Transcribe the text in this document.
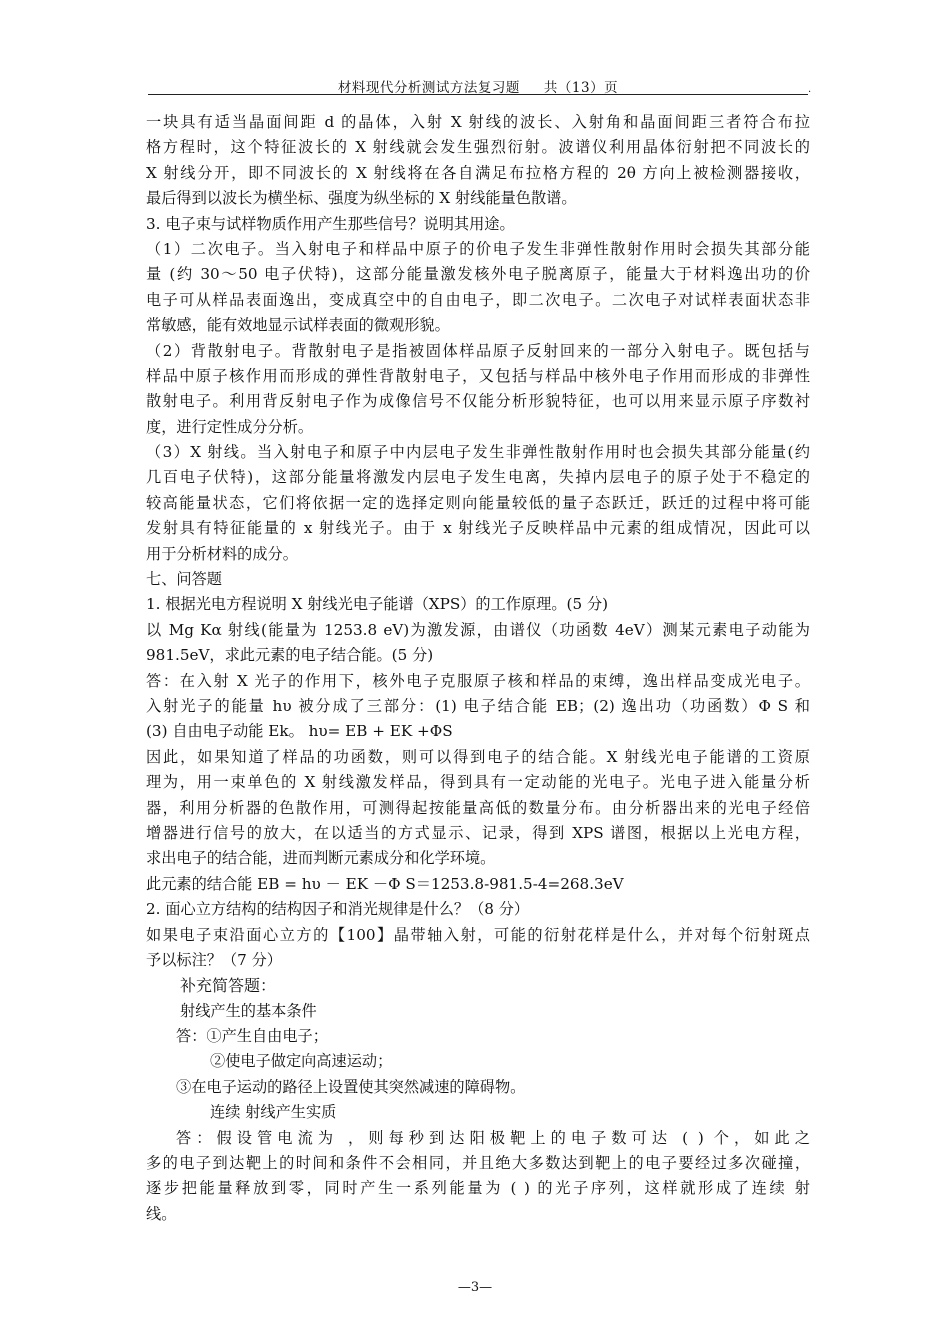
材料现代分析测试方法复习题 共（13）页	.
一块具有适当晶面间距 d 的晶体，入射 X 射线的波长、入射角和晶面间距三者符合布拉
格方程时，这个特征波长的 X 射线就会发生强烈衍射。波谱仪利用晶体衍射把不同波长的
X 射线分开，即不同波长的 X 射线将在各自满足布拉格方程的 2θ 方向上被检测器接收，
最后得到以波长为横坐标、强度为纵坐标的 X 射线能量色散谱。
3. 电子束与试样物质作用产生那些信号？说明其用途。
（1）二次电子。当入射电子和样品中原子的价电子发生非弹性散射作用时会损失其部分能
量 (约 30～50 电子伏特)，这部分能量激发核外电子脱离原子，能量大于材料逸出功的价
电子可从样品表面逸出，变成真空中的自由电子，即二次电子。二次电子对试样表面状态非
常敏感，能有效地显示试样表面的微观形貌。
（2）背散射电子。背散射电子是指被固体样品原子反射回来的一部分入射电子。既包括与
样品中原子核作用而形成的弹性背散射电子，又包括与样品中核外电子作用而形成的非弹性
散射电子。利用背反射电子作为成像信号不仅能分析形貌特征，也可以用来显示原子序数衬
度，进行定性成分分析。
（3）X 射线。当入射电子和原子中内层电子发生非弹性散射作用时也会损失其部分能量(约
几百电子伏特)，这部分能量将激发内层电子发生电离，失掉内层电子的原子处于不稳定的
较高能量状态，它们将依据一定的选择定则向能量较低的量子态跃迁，跃迁的过程中将可能
发射具有特征能量的 x 射线光子。由于 x 射线光子反映样品中元素的组成情况，因此可以
用于分析材料的成分。
七、问答题
1. 根据光电方程说明 X 射线光电子能谱（XPS）的工作原理。(5 分)
以 Mg Kα 射线(能量为 1253.8 eV)为激发源，由谱仪（功函数 4eV）测某元素电子动能为
981.5eV，求此元素的电子结合能。(5 分)
答：在入射 X 光子的作用下，核外电子克服原子核和样品的束缚，逸出样品变成光电子。
入射光子的能量 hυ 被分成了三部分：(1) 电子结合能 EB；(2) 逸出功（功函数）Φ S 和
(3) 自由电子动能 Ek。 hυ= EB + EK +ΦS
因此，如果知道了样品的功函数，则可以得到电子的结合能。X 射线光电子能谱的工资原
理为，用一束单色的 X 射线激发样品，得到具有一定动能的光电子。光电子进入能量分析
器，利用分析器的色散作用，可测得起按能量高低的数量分布。由分析器出来的光电子经倍
增器进行信号的放大，在以适当的方式显示、记录，得到 XPS 谱图，根据以上光电方程，
求出电子的结合能，进而判断元素成分和化学环境。
此元素的结合能 EB = hυ － EK －Φ S＝1253.8-981.5-4=268.3eV
2. 面心立方结构的结构因子和消光规律是什么？（8 分）
如果电子束沿面心立方的【100】晶带轴入射，可能的衍射花样是什么，并对每个衍射斑点
予以标注？（7 分）
补充简答题：
射线产生的基本条件
答：①产生自由电子；
②使电子做定向高速运动；
③在电子运动的路径上设置使其突然减速的障碍物。
连续 射线产生实质
答：假设管电流为 ，则每秒到达阳极靶上的电子数可达 ( ) 个，如此之
多的电子到达靶上的时间和条件不会相同，并且绝大多数达到靶上的电子要经过多次碰撞，
逐步把能量释放到零，同时产生一系列能量为 ( ) 的光子序列，这样就形成了连续 射
线。
—3—
